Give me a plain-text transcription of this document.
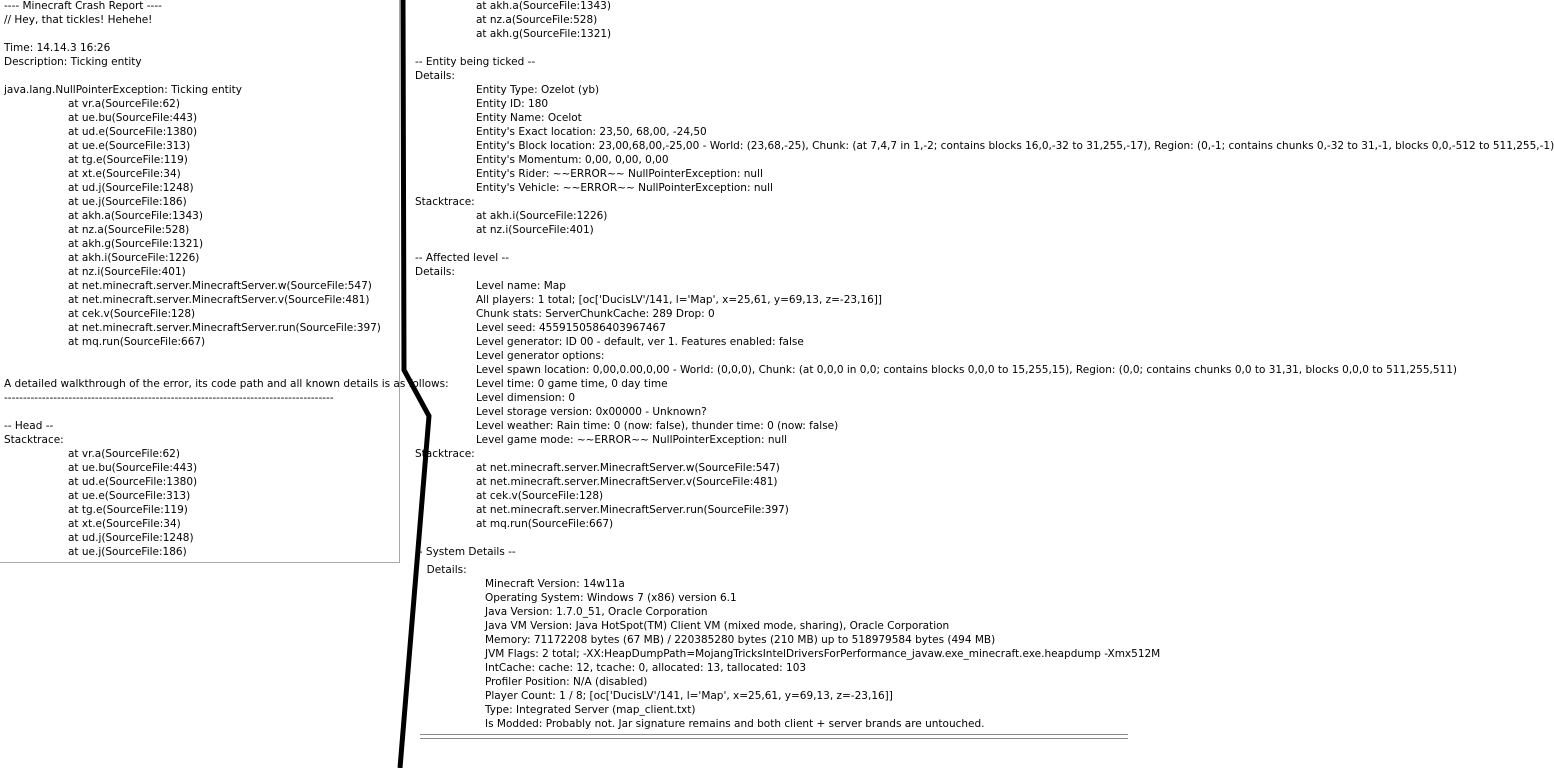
---- Minecraft Crash Report ----
// Hey, that tickles! Hehehe!
Time: 14.14.3 16:26
Description: Ticking entity
java.lang.NullPointerException: Ticking entity
at vr.a(SourceFile:62)
at ue.bu(SourceFile:443)
at ud.e(SourceFile:1380)
at ue.e(SourceFile:313)
at tg.e(SourceFile:119)
at xt.e(SourceFile:34)
at ud.j(SourceFile:1248)
at ue.j(SourceFile:186)
at akh.a(SourceFile:1343)
at nz.a(SourceFile:528)
at akh.g(SourceFile:1321)
at akh.i(SourceFile:1226)
at nz.i(SourceFile:401)
at net.minecraft.server.MinecraftServer.w(SourceFile:547)
at net.minecraft.server.MinecraftServer.v(SourceFile:481)
at cek.v(SourceFile:128)
at net.minecraft.server.MinecraftServer.run(SourceFile:397)
at mq.run(SourceFile:667)
A detailed walkthrough of the error, its code path and all known details is as follows:
---------------------------------------------------------------------------------------
-- Head --
Stacktrace:
at vr.a(SourceFile:62)
at ue.bu(SourceFile:443)
at ud.e(SourceFile:1380)
at ue.e(SourceFile:313)
at tg.e(SourceFile:119)
at xt.e(SourceFile:34)
at ud.j(SourceFile:1248)
at ue.j(SourceFile:186)
at akh.a(SourceFile:1343)
at nz.a(SourceFile:528)
at akh.g(SourceFile:1321)
-- Entity being ticked --
Details:
Entity Type: Ozelot (yb)
Entity ID: 180
Entity Name: Ocelot
Entity's Exact location: 23,50, 68,00, -24,50
Entity's Block location: 23,00,68,00,-25,00 - World: (23,68,-25), Chunk: (at 7,4,7 in 1,-2; contains blocks 16,0,-32 to 31,255,-17), Region: (0,-1; contains chunks 0,-32 to 31,-1, blocks 0,0,-512 to 511,255,-1)
Entity's Momentum: 0,00, 0,00, 0,00
Entity's Rider: ~~ERROR~~ NullPointerException: null
Entity's Vehicle: ~~ERROR~~ NullPointerException: null
Stacktrace:
at akh.i(SourceFile:1226)
at nz.i(SourceFile:401)
-- Affected level --
Details:
Level name: Map
All players: 1 total; [oc['DucisLV'/141, l='Map', x=25,61, y=69,13, z=-23,16]]
Chunk stats: ServerChunkCache: 289 Drop: 0
Level seed: 4559150586403967467
Level generator: ID 00 - default, ver 1. Features enabled: false
Level generator options:
Level spawn location: 0,00,0.00,0,00 - World: (0,0,0), Chunk: (at 0,0,0 in 0,0; contains blocks 0,0,0 to 15,255,15), Region: (0,0; contains chunks 0,0 to 31,31, blocks 0,0,0 to 511,255,511)
Level time: 0 game time, 0 day time
Level dimension: 0
Level storage version: 0x00000 - Unknown?
Level weather: Rain time: 0 (now: false), thunder time: 0 (now: false)
Level game mode: ~~ERROR~~ NullPointerException: null
Stacktrace:
at net.minecraft.server.MinecraftServer.w(SourceFile:547)
at net.minecraft.server.MinecraftServer.v(SourceFile:481)
at cek.v(SourceFile:128)
at net.minecraft.server.MinecraftServer.run(SourceFile:397)
at mq.run(SourceFile:667)
-- System Details --
Details:
Minecraft Version: 14w11a
Operating System: Windows 7 (x86) version 6.1
Java Version: 1.7.0_51, Oracle Corporation
Java VM Version: Java HotSpot(TM) Client VM (mixed mode, sharing), Oracle Corporation
Memory: 71172208 bytes (67 MB) / 220385280 bytes (210 MB) up to 518979584 bytes (494 MB)
JVM Flags: 2 total; -XX:HeapDumpPath=MojangTricksIntelDriversForPerformance_javaw.exe_minecraft.exe.heapdump -Xmx512M
IntCache: cache: 12, tcache: 0, allocated: 13, tallocated: 103
Profiler Position: N/A (disabled)
Player Count: 1 / 8; [oc['DucisLV'/141, l='Map', x=25,61, y=69,13, z=-23,16]]
Type: Integrated Server (map_client.txt)
Is Modded: Probably not. Jar signature remains and both client + server brands are untouched.
